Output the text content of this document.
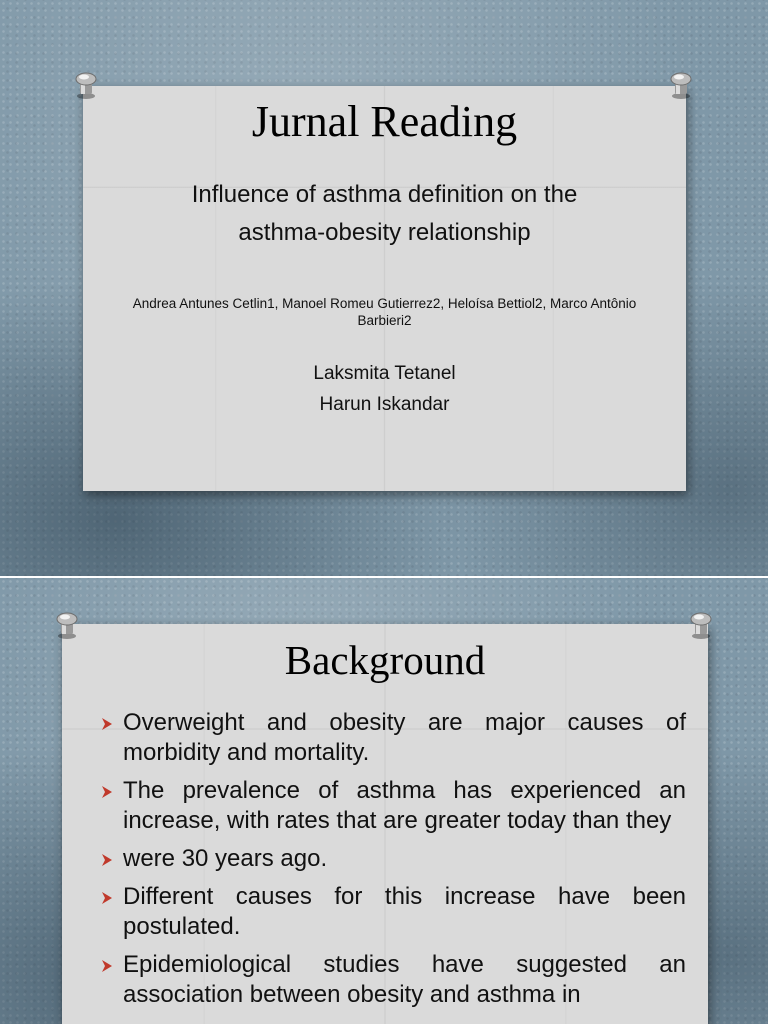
Jurnal Reading
Influence of asthma definition on the
asthma-obesity relationship
Andrea Antunes Cetlin1, Manoel Romeu Gutierrez2, Heloísa Bettiol2, Marco Antônio
Barbieri2
Laksmita Tetanel
Harun Iskandar
Background
Overweight and obesity are major causes of morbidity and mortality.
The prevalence of asthma has experienced an increase, with rates that are greater today than they
were 30 years ago.
Different causes for this increase have been postulated.
Epidemiological studies have suggested an association between obesity and asthma in
